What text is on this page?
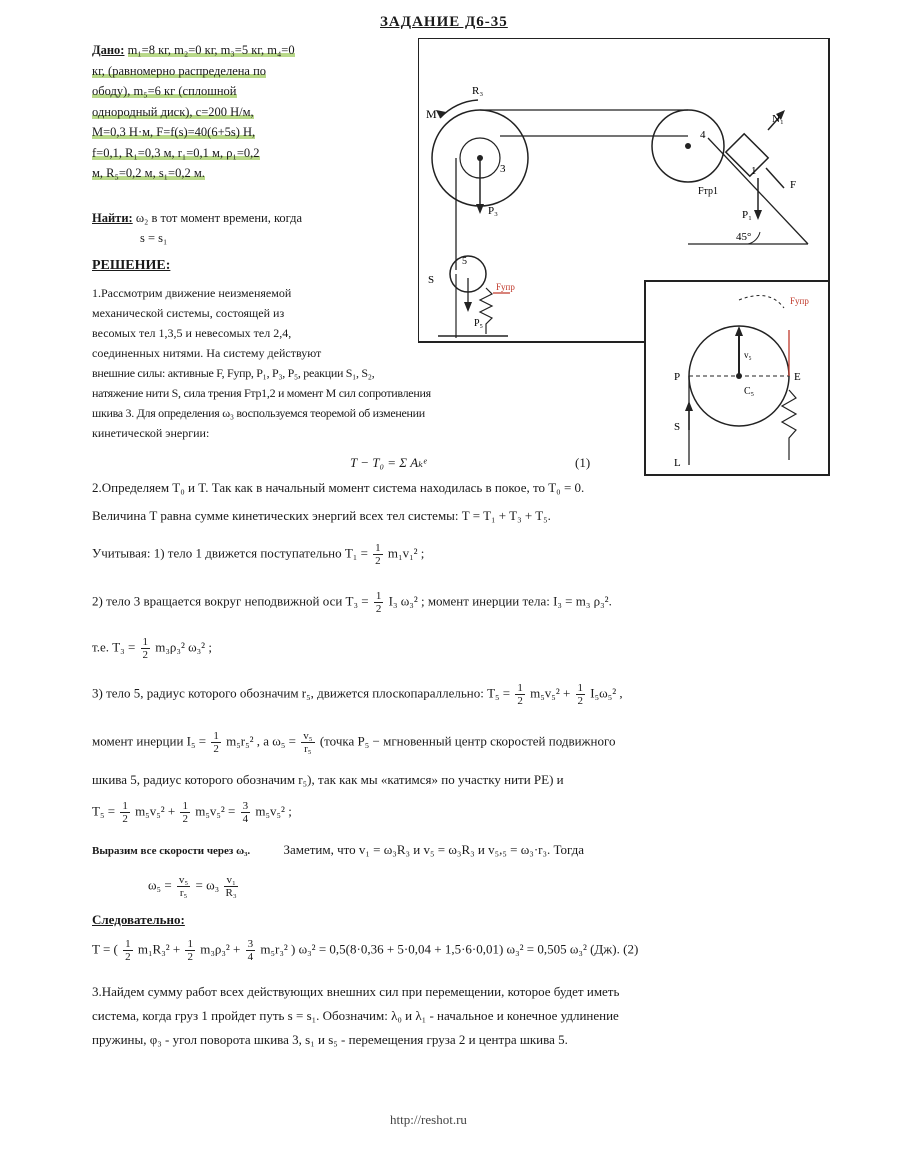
ЗАДАНИЕ Д6-35
Дано: m₁=8 кг, m₂=0 кг, m₃=5 кг, m₄=0
кг, (равномерно распределена по
ободу), m₅=6 кг (сплошной
однородный диск), c=200 Н/м,
M=0,3 Н·м, F=f(s)=40(6+5s) Н,
f=0,1, R₁=0,3 м, r₁=0,1 м, ρ₁=0,2
м, R₅=0,2 м, s₁=0,2 м.
Найти: ω₂ в тот момент времени, когда
s = s₁
РЕШЕНИЕ:

1.Рассмотрим движение неизменяемой

механической системы, состоящей из

весомых тел 1,3,5 и невесомых тел 2,4,

соединенных нитями. На систему действуют

внешние силы: активные F, Fупр, P₁, P₃, P₅, реакции S₁, S₂,

натяжение нити S, сила трения Fтр1,2 и момент M сил сопротивления

шкива 3. Для определения ω₃ воспользуемся теоремой об изменении

кинетической энергии:

T − T₀ = Σ Aₖᵉ	(1)
2.Определяем T₀ и T. Так как в начальный момент система находилась в покое, то T₀ = 0.
Величина T равна сумме кинетических энергий всех тел системы: T = T₁ + T₃ + T₅.
Учитывая: 1) тело 1 движется поступательно $T_1 = \frac{1}{2} m_1v_1^2$ ;
2) тело 3 вращается вокруг неподвижной оси $T_3 = \frac{1}{2} I_3$ ω₃² ; момент инерции тела: I₃ = m₃ ρ₃².
т.е. $T_3 = \frac{1}{2} m_3\rho_3^2$ ω₃² ;
3) тело 5, радиус которого обозначим r₅, движется плоскопараллельно: $T_5 = \frac{1}{2} m_5v_5^2 + \frac{1}{2} I_5\omega_5^2$ ,
момент инерции $I_5 = \frac{1}{2} m_5r_5^2$ , а $\omega_5 = \frac{\text{v₅}}{\text{r₅}}$ (точка P₅ − мгновенный центр скоростей подвижного
шкива 5, радиус которого обозначим r₅), так как мы «катимся» по участку нити PE) и
$T_5 = \frac{1}{2} m_5v_5^2 + \frac{1}{2} m_5v_5^2 = \frac{3}{4} m_5v_5^2$ ;
Выразим все скорости через ω₃.	Заметим, что v₁ = ω₃R₃ и v₅ = ω₃R₃ и v₅,₅ = ω₃·r₃. Тогда
$\omega_5 = \frac{\text{v₅}}{\text{r₅}} = \omega_3 \frac{\text{v₁}}{\text{R₃}}$
Следовательно:
T = ( $\frac{1}{2} m_1R_3^2 + \frac{1}{2} m_3\rho_3^2 + \frac{3}{4} m_5r_3^2$ ) ω₃² = 0,5(8·0,36 + 5·0,04 + 1,5·6·0,01) ω₃² = 0,505 ω₃² (Дж). (2)
3.Найдем сумму работ всех действующих внешних сил при перемещении, которое будет иметь
система, когда груз 1 пройдет путь s = s₁. Обозначим: λ₀ и λ₁ - начальное и конечное удлинение
пружины, φ₃ - угол поворота шкива 3, s₁ и s₅ - перемещения груза 2 и центра шкива 5.
M
R₃
3
P₃
4
N₁
1
F
Fтр1
P₁
45°
S
5
P₅
Fупр
P	E
C₅
S
L
Fупр
v₅
http://reshot.ru
